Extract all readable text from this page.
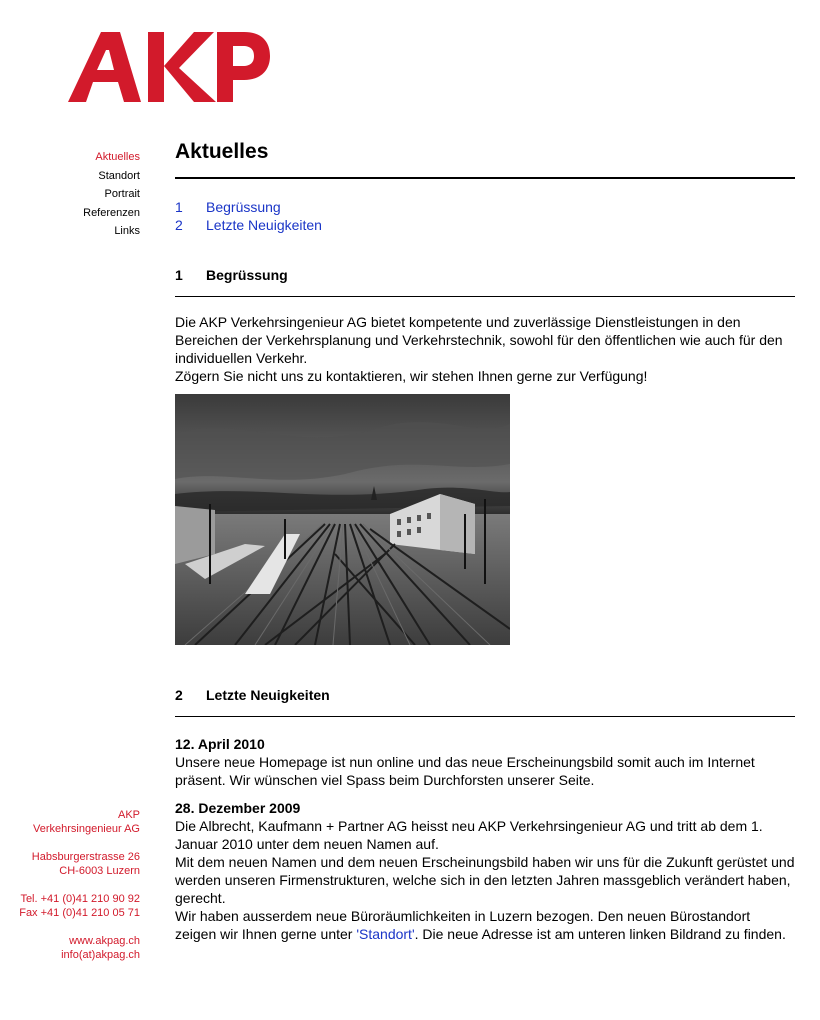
Aktuelles
Standort
Portrait
Referenzen
Links
AKP
Verkehrsingenieur AG
Habsburgerstrasse 26
CH-6003 Luzern
Tel. +41 (0)41 210 90 92
Fax +41 (0)41 210 05 71
www.akpag.ch
info(at)akpag.ch
Aktuelles
1 Begrüssung
2 Letzte Neuigkeiten
1 Begrüssung

Die AKP Verkehrsingenieur AG bietet kompetente und zuverlässige Dienstleistungen in den Bereichen der Verkehrsplanung und Verkehrstechnik, sowohl für den öffentlichen wie auch für den individuellen Verkehr.

Zögern Sie nicht uns zu kontaktieren, wir stehen Ihnen gerne zur Verfügung!

2 Letzte Neuigkeiten
12. April 2010

Unsere neue Homepage ist nun online und das neue Erscheinungsbild somit auch im Internet präsent. Wir wünschen viel Spass beim Durchforsten unserer Seite.

28. Dezember 2009

Die Albrecht, Kaufmann + Partner AG heisst neu AKP Verkehrsingenieur AG und tritt ab dem 1. Januar 2010 unter dem neuen Namen auf.

Mit dem neuen Namen und dem neuen Erscheinungsbild haben wir uns für die Zukunft gerüstet und werden unseren Firmenstrukturen, welche sich in den letzten Jahren massgeblich verändert haben, gerecht.

Wir haben ausserdem neue Büroräumlichkeiten in Luzern bezogen. Den neuen Bürostandort zeigen wir Ihnen gerne unter 'Standort'. Die neue Adresse ist am unteren linken Bildrand zu finden.
